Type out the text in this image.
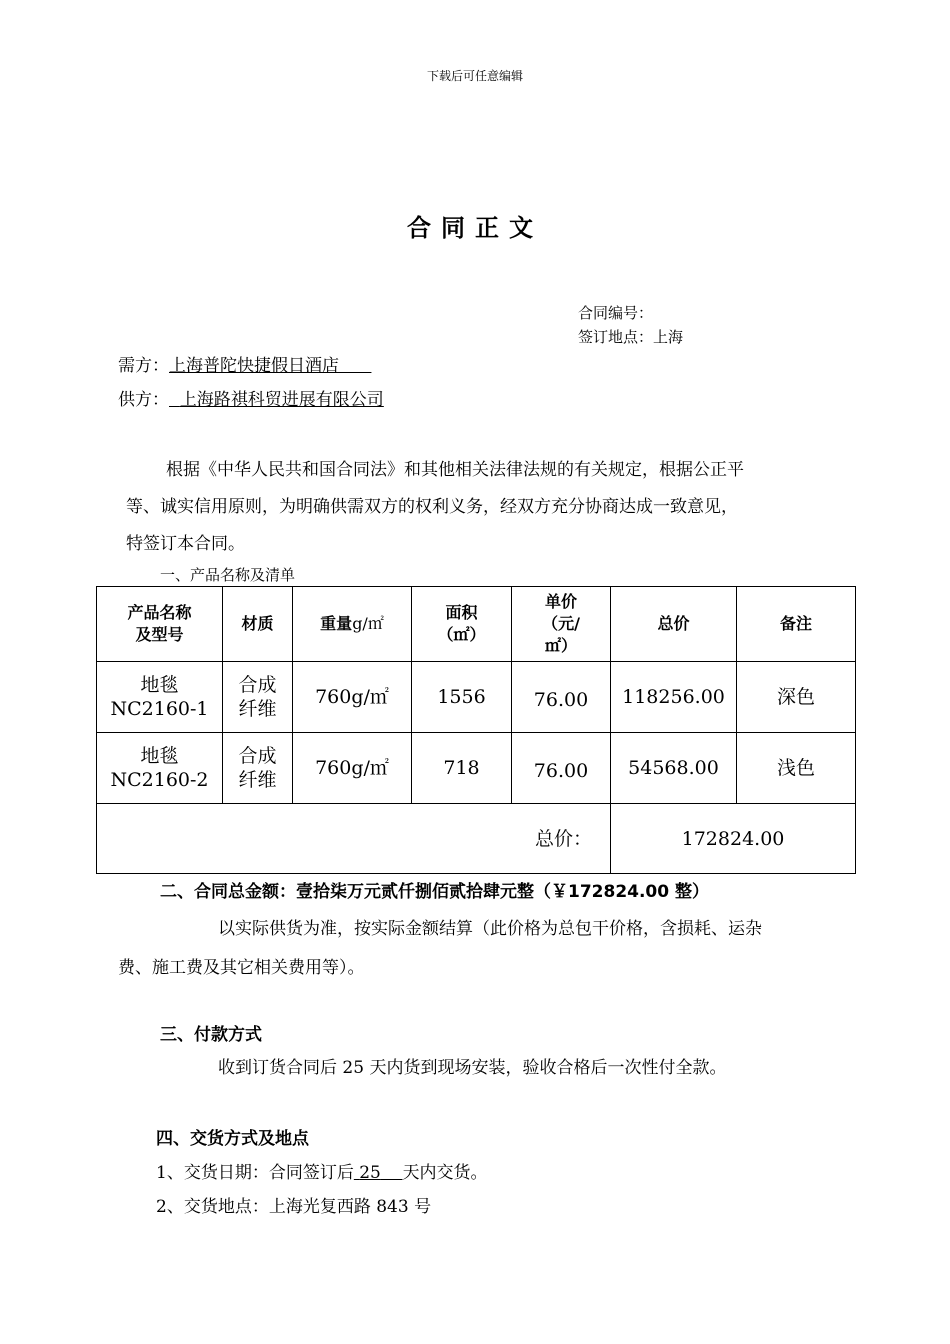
下载后可任意编辑
合同正文
合同编号：
签订地点：上海
需方：上海普陀快捷假日酒店
供方： 上海路祺科贸进展有限公司
根据《中华人民共和国合同法》和其他相关法律法规的有关规定，根据公正平
等、诚实信用原则，为明确供需双方的权利义务，经双方充分协商达成一致意见，
特签订本合同。
一、产品名称及清单
产品名称
及型号	材质	重量g/㎡	面积
（㎡）	单价
（元/
㎡）	总价	备注
地毯
NC2160-1	合成
纤维	760g/㎡	1556	76.00	118256.00	深色
地毯
NC2160-2	合成
纤维	760g/㎡	718	76.00	54568.00	浅色
总价：					172824.00	
二、合同总金额：壹拾柒万元贰仟捌佰贰拾肆元整（￥172824.00 整）
以实际供货为准，按实际金额结算（此价格为总包干价格，含损耗、运杂
费、施工费及其它相关费用等）。
三、付款方式
收到订货合同后 25 天内货到现场安装，验收合格后一次性付全款。
四、交货方式及地点
1、交货日期：合同签订后 25 天内交货。
2、交货地点：上海光复西路 843 号
